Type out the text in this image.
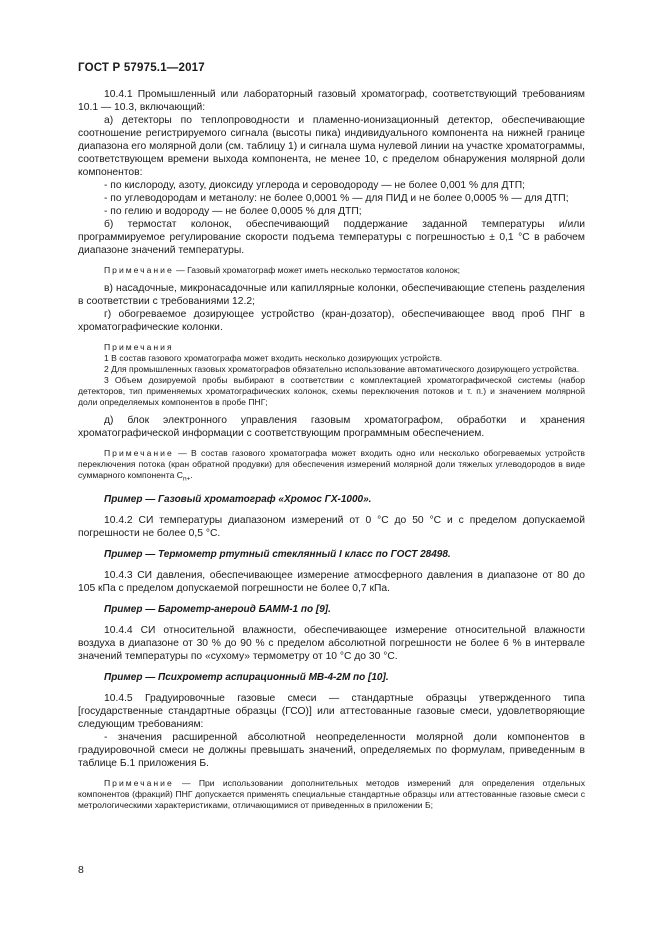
ГОСТ Р 57975.1—2017

10.4.1 Промышленный или лабораторный газовый хроматограф, соответствующий требованиям 10.1 — 10.3, включающий:

а) детекторы по теплопроводности и пламенно-ионизационный детектор, обеспечивающие соотношение регистрируемого сигнала (высоты пика) индивидуального компонента на нижней границе диапазона его молярной доли (см. таблицу 1) и сигнала шума нулевой линии на участке хроматограммы, соответствующем времени выхода компонента, не менее 10, с пределом обнаружения молярной доли компонентов:

- по кислороду, азоту, диоксиду углерода и сероводороду — не более 0,001 % для ДТП;

- по углеводородам и метанолу: не более 0,0001 % — для ПИД и не более 0,0005 % — для ДТП;

- по гелию и водороду — не более 0,0005 % для ДТП;

б) термостат колонок, обеспечивающий поддержание заданной температуры и/или программируемое регулирование скорости подъема температуры с погрешностью ± 0,1 °С в рабочем диапазоне значений температуры.

Примечание — Газовый хроматограф может иметь несколько термостатов колонок;

в) насадочные, микронасадочные или капиллярные колонки, обеспечивающие степень разделения в соответствии с требованиями 12.2;

г) обогреваемое дозирующее устройство (кран-дозатор), обеспечивающее ввод проб ПНГ в хроматографические колонки.

Примечания

1 В состав газового хроматографа может входить несколько дозирующих устройств.

2 Для промышленных газовых хроматографов обязательно использование автоматического дозирующего устройства.

3 Объем дозируемой пробы выбирают в соответствии с комплектацией хроматографической системы (набор детекторов, тип применяемых хроматографических колонок, схемы переключения потоков и т. п.) и значением молярной доли определяемых компонентов в пробе ПНГ;

д) блок электронного управления газовым хроматографом, обработки и хранения хроматографической информации с соответствующим программным обеспечением.

Примечание — В состав газового хроматографа может входить одно или несколько обогреваемых устройств переключения потока (кран обратной продувки) для обеспечения измерений молярной доли тяжелых углеводородов в виде суммарного компонента $C_{n+}$.

Пример — Газовый хроматограф «Хромос ГХ-1000».

10.4.2 СИ температуры диапазоном измерений от 0 °С до 50 °С и с пределом допускаемой погрешности не более 0,5 °С.

Пример — Термометр ртутный стеклянный I класс по ГОСТ 28498.

10.4.3 СИ давления, обеспечивающее измерение атмосферного давления в диапазоне от 80 до 105 кПа с пределом допускаемой погрешности не более 0,7 кПа.

Пример — Барометр-анероид БАММ-1 по [9].

10.4.4 СИ относительной влажности, обеспечивающее измерение относительной влажности воздуха в диапазоне от 30 % до 90 % с пределом абсолютной погрешности не более 6 % в интервале значений температуры по «сухому» термометру от 10 °С до 30 °С.

Пример — Психрометр аспирационный МВ-4-2М по [10].

10.4.5 Градуировочные газовые смеси — стандартные образцы утвержденного типа [государственные стандартные образцы (ГСО)] или аттестованные газовые смеси, удовлетворяющие следующим требованиям:

- значения расширенной абсолютной неопределенности молярной доли компонентов в градуировочной смеси не должны превышать значений, определяемых по формулам, приведенным в таблице Б.1 приложения Б.

Примечание — При использовании дополнительных методов измерений для определения отдельных компонентов (фракций) ПНГ допускается применять специальные стандартные образцы или аттестованные газовые смеси с метрологическими характеристиками, отличающимися от приведенных в приложении Б;

8
